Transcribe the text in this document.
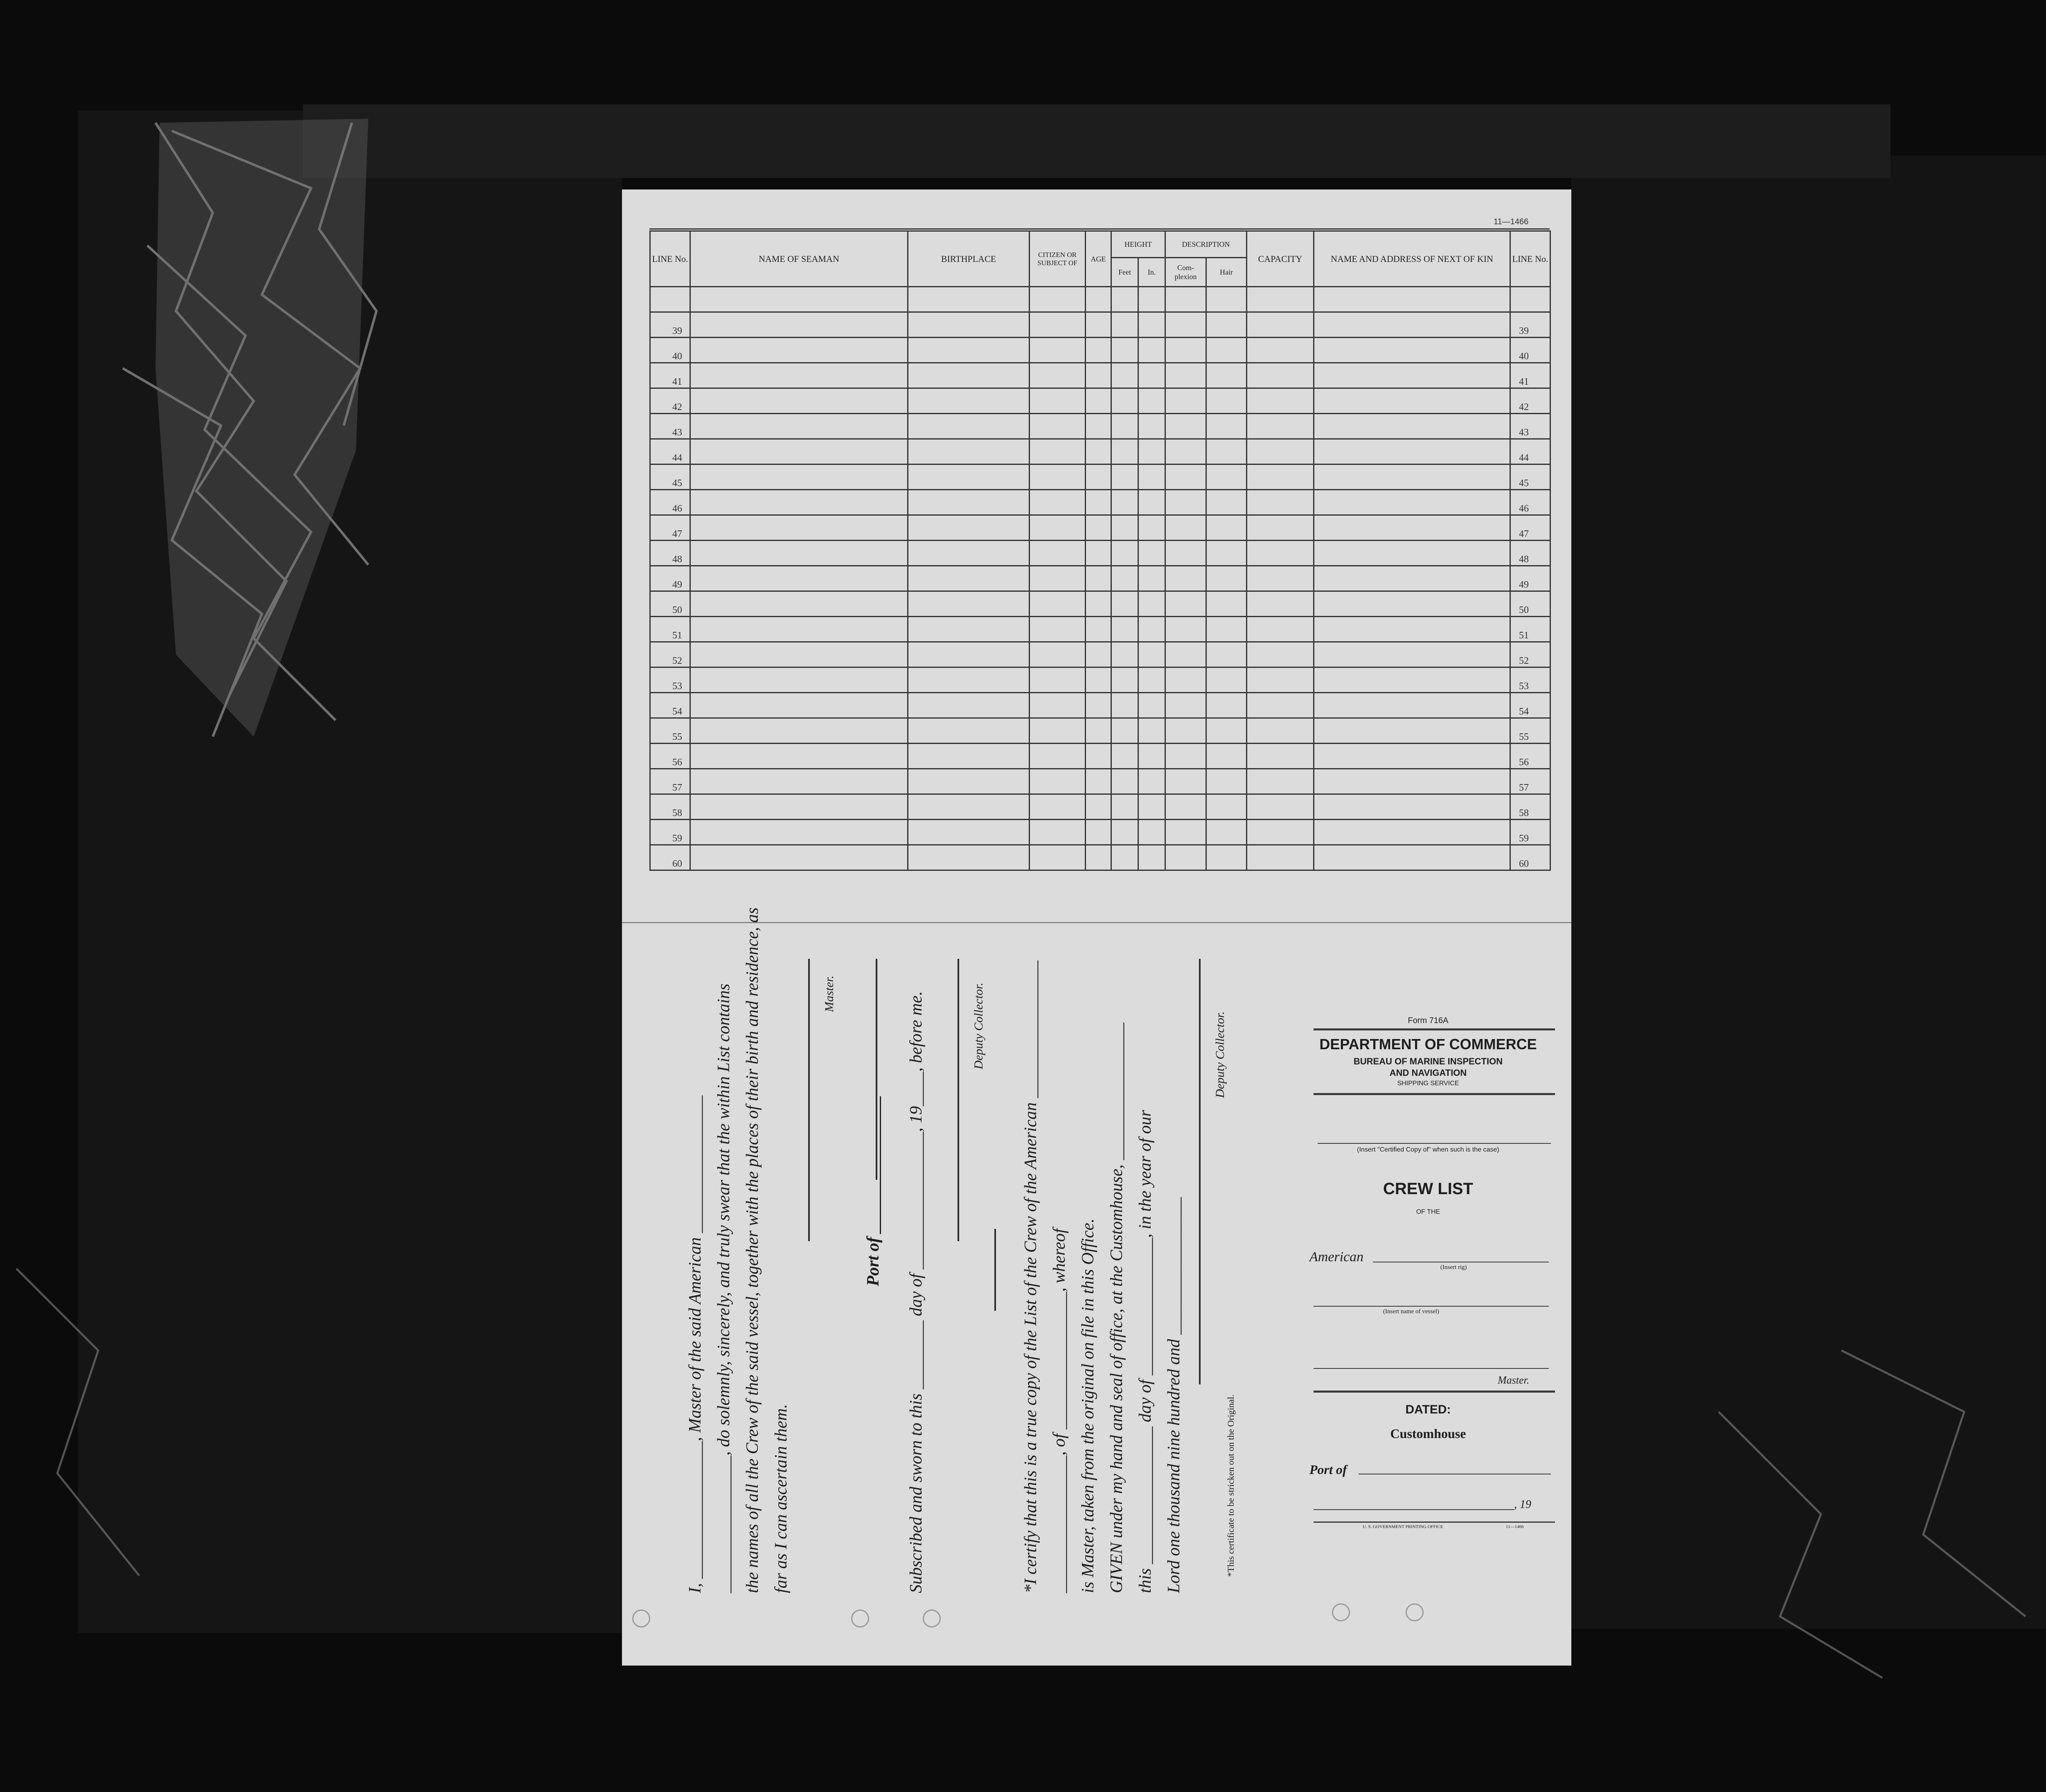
11—1466
LINE No.	NAME OF SEAMAN	BIRTHPLACE	CITIZEN OR SUBJECT OF	AGE	HEIGHT		DESCRIPTION		CAPACITY	NAME AND ADDRESS OF NEXT OF KIN	LINE No.
					Feet	In.	Com-plexion	Hair			

39											39
40											40
41											41
42											42
43											43
44											44
45											45
46											46
47											47
48											48
49											49
50											50
51											51
52											52
53											53
54											54
55											55
56											56
57											57
58											58
59											59
60											60
I, ________________, Master of the said American ________________ ________________, do solemnly, sincerely, and truly swear that the within List contains the names of all the Crew of the said vessel, together with the places of their birth and residence, as far as I can ascertain them.
Master.
Port of ________________ Subscribed and sworn to this ________ day of ________________, 19____, before me.	Deputy Collector. *I certify that this is a true copy of the List of the Crew of the American ________________ ________________, of ________________, whereof is Master, taken from the original on file in this Office. GIVEN under my hand and seal of office, at the Customhouse, ________________ this ________________ day of ________________, in the year of our Lord one thousand nine hundred and ________________
Deputy Collector.
*This certificate to be stricken out on the Original.
Form 716A
DEPARTMENT OF COMMERCE
BUREAU OF MARINE INSPECTION
AND NAVIGATION
SHIPPING SERVICE
(Insert "Certified Copy of" when such is the case)
CREW LIST
OF THE
American
(Insert rig)
(Insert name of vessel)
Master.
DATED:
Customhouse
Port of
, 19
U. S. GOVERNMENT PRINTING OFFICE	11—1466
